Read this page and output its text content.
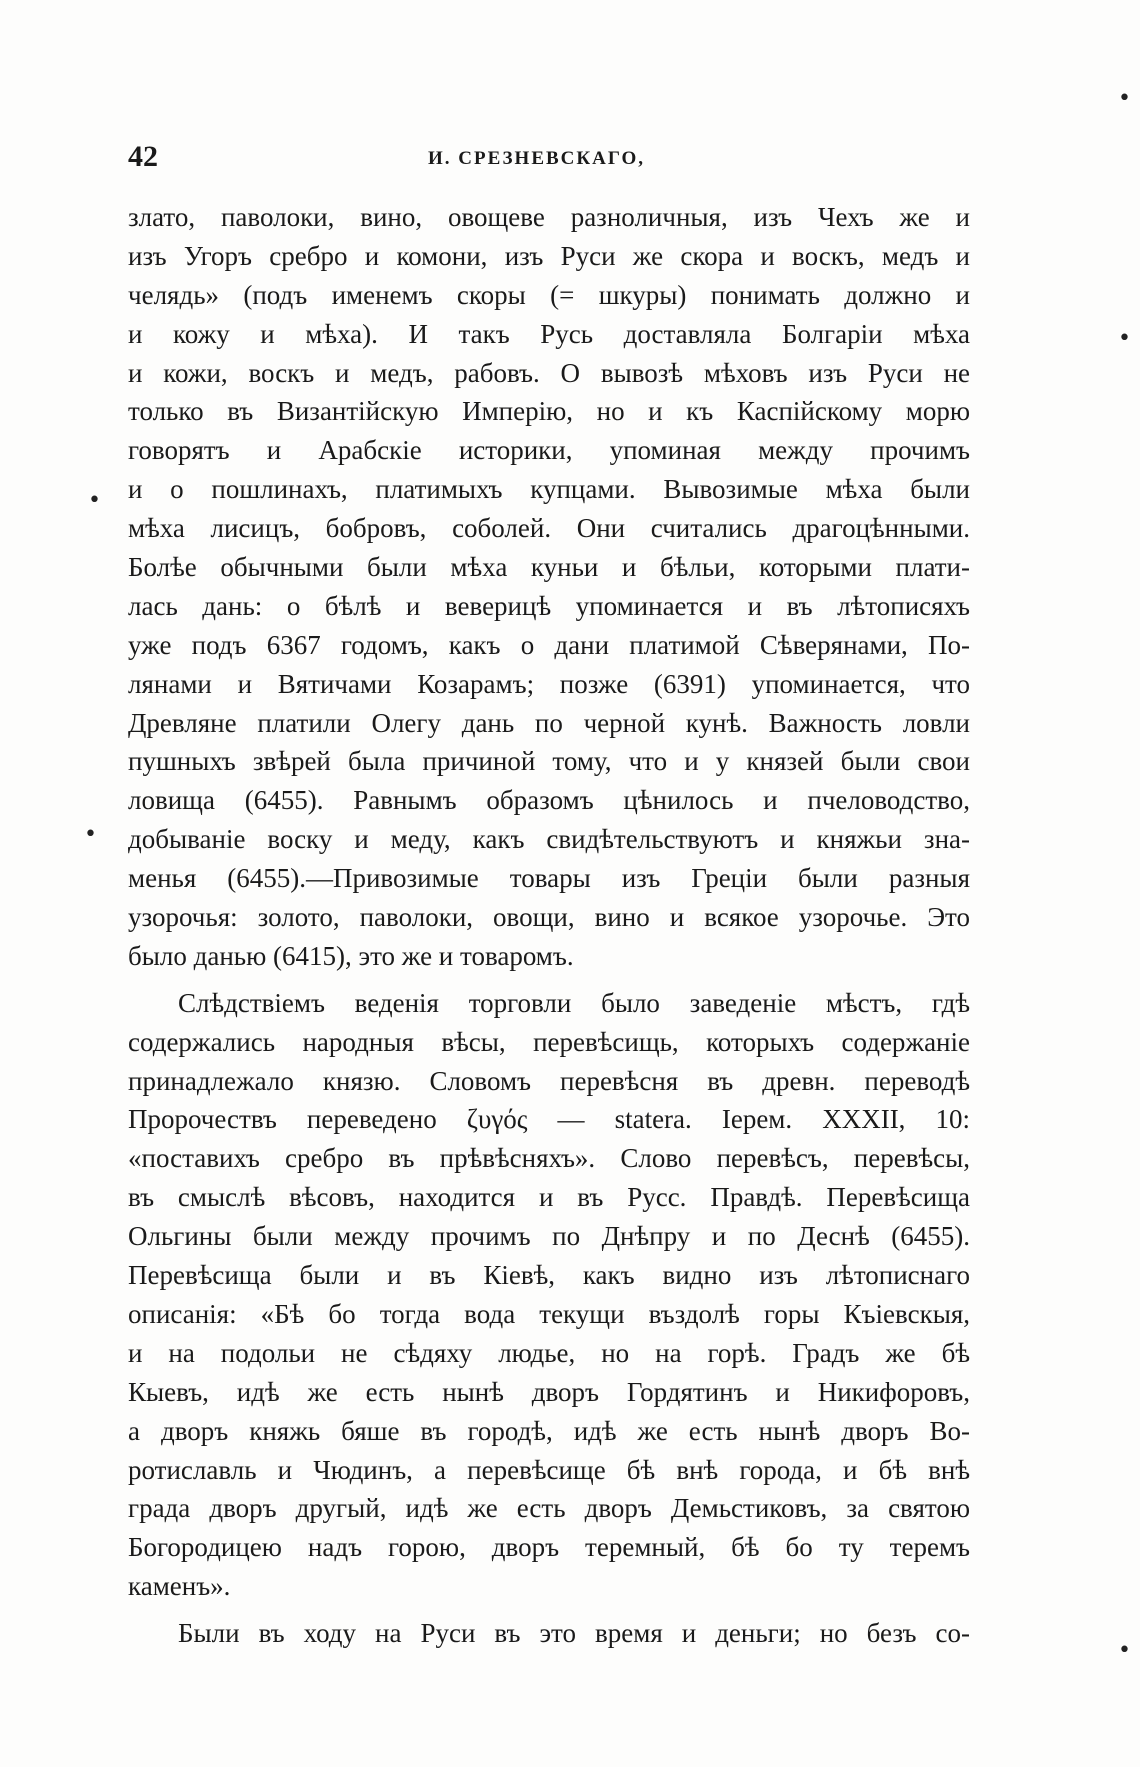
42	И. СРЕЗНЕВСКАГО,
злато, паволоки, вино, овощеве разноличныя, изъ Чехъ же и
изъ Угоръ сребро и комони, изъ Руси же скора и воскъ, медъ и
челядь» (подъ именемъ скоры (= шкуры) понимать должно и
и кожу и мѣха). И такъ Русь доставляла Болгаріи мѣха
и кожи, воскъ и медъ, рабовъ. О вывозѣ мѣховъ изъ Руси не
только въ Византійскую Имперію, но и къ Каспійскому морю
говорятъ и Арабскіе историки, упоминая между прочимъ
и о пошлинахъ, платимыхъ купцами. Вывозимые мѣха были
мѣха лисицъ, бобровъ, соболей. Они считались драгоцѣнными.
Болѣе обычными были мѣха куньи и бѣльи, которыми плати-
лась дань: о бѣлѣ и веверицѣ упоминается и въ лѣтописяхъ
уже подъ 6367 годомъ, какъ о дани платимой Сѣверянами, По-
лянами и Вятичами Козарамъ; позже (6391) упоминается, что
Древляне платили Олегу дань по черной кунѣ. Важность ловли
пушныхъ звѣрей была причиной тому, что и у князей были свои
ловища (6455). Равнымъ образомъ цѣнилось и пчеловодство,
добываніе воску и меду, какъ свидѣтельствуютъ и княжьи зна-
менья (6455).—Привозимые товары изъ Греціи были разныя
узорочья: золото, паволоки, овощи, вино и всякое узорочье. Это
было данью (6415), это же и товаромъ.
Слѣдствіемъ веденія торговли было заведеніе мѣстъ, гдѣ
содержались народныя вѣсы, перевѣсищь, которыхъ содержаніе
принадлежало князю. Словомъ перевѣсня въ древн. переводѣ
Пророчествъ переведено ζυγός — statera. Іерем. XXXII, 10:
«поставихъ сребро въ прѣвѣсняхъ». Слово перевѣсъ, перевѣсы,
въ смыслѣ вѣсовъ, находится и въ Русс. Правдѣ. Перевѣсища
Ольгины были между прочимъ по Днѣпру и по Деснѣ (6455).
Перевѣсища были и въ Кіевѣ, какъ видно изъ лѣтописнаго
описанія: «Бѣ бо тогда вода текущи въздолѣ горы Къіевскыя,
и на подольи не сѣдяху людье, но на горѣ. Градъ же бѣ
Кыевъ, идѣ же есть нынѣ дворъ Гордятинъ и Никифоровъ,
а дворъ княжь бяше въ городѣ, идѣ же есть нынѣ дворъ Во-
ротиславль и Чюдинъ, а перевѣсище бѣ внѣ города, и бѣ внѣ
града дворъ другый, идѣ же есть дворъ Демьстиковъ, за святою
Богородицею надъ горою, дворъ теремный, бѣ бо ту теремъ
каменъ».
Были въ ходу на Руси въ это время и деньги; но безъ со-
•
•
•
•
•
